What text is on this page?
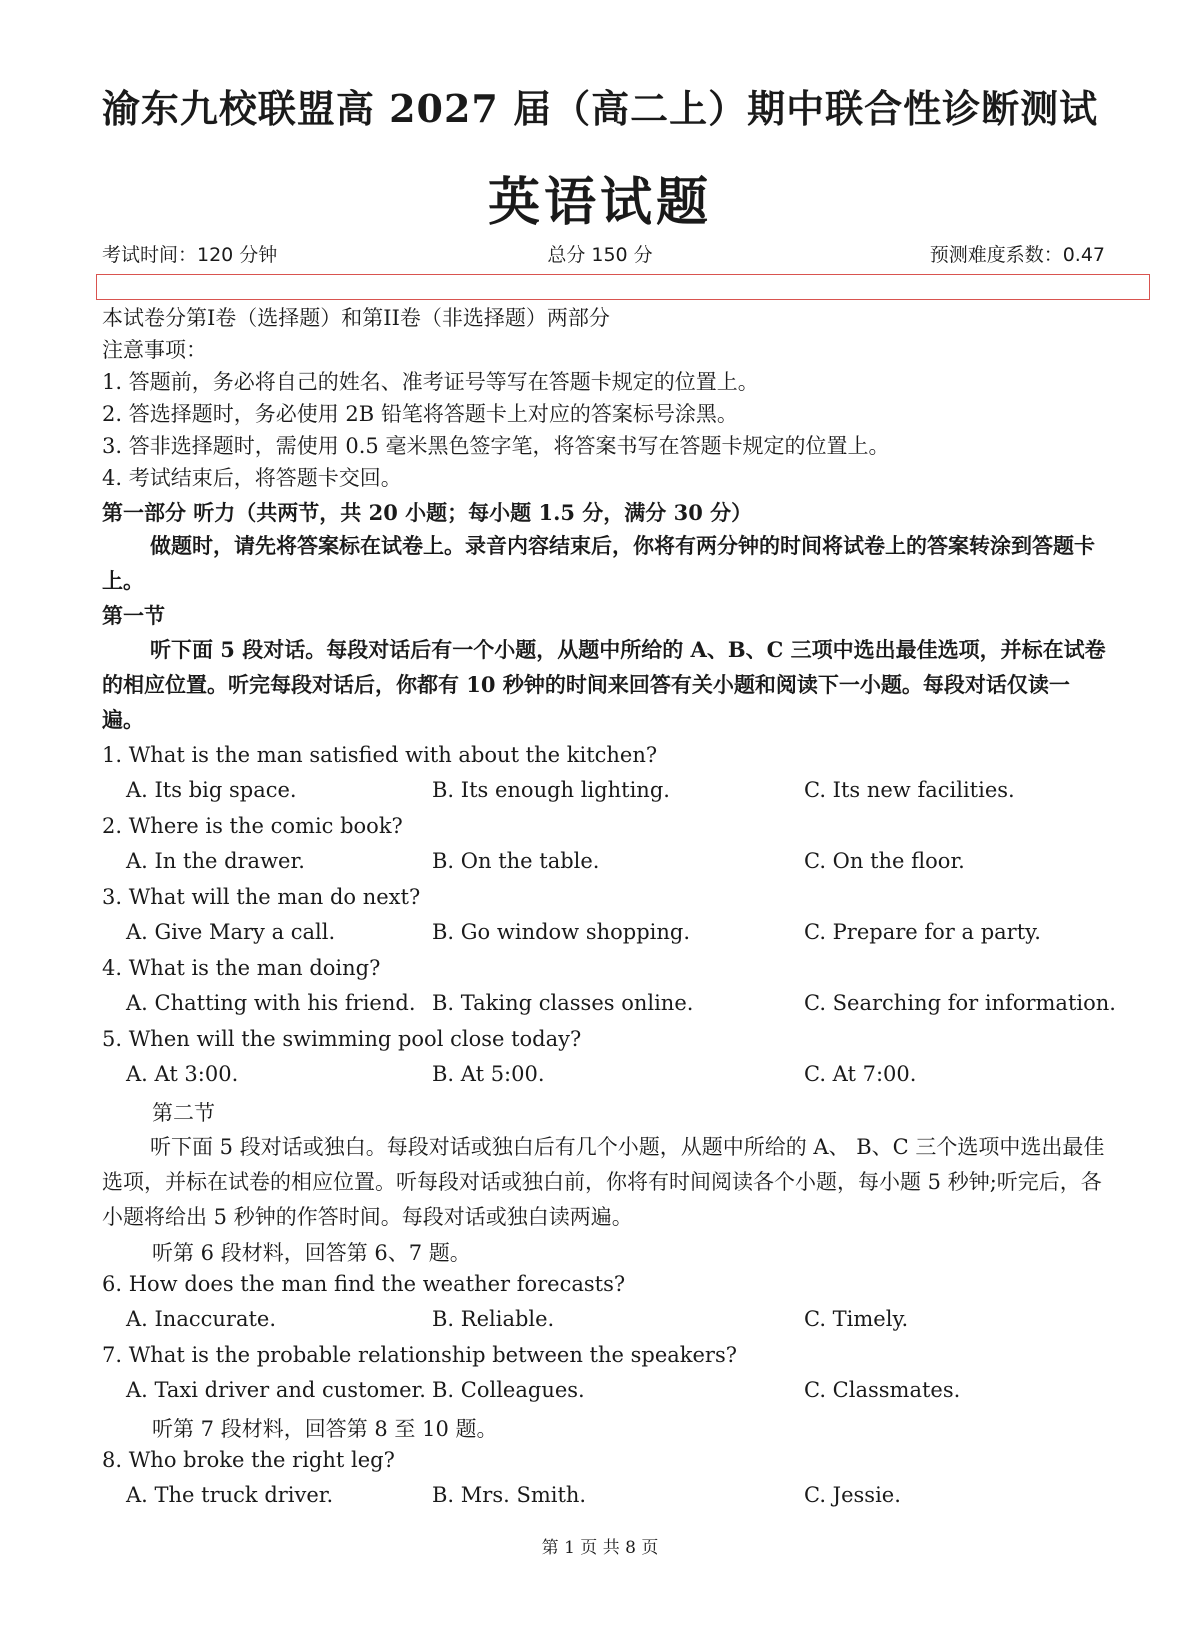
渝东九校联盟高 2027 届（高二上）期中联合性诊断测试
英语试题
考试时间：120 分钟	总分 150 分	预测难度系数：0.47
本试卷分第I卷（选择题）和第II卷（非选择题）两部分
注意事项：
1. 答题前，务必将自己的姓名、准考证号等写在答题卡规定的位置上。
2. 答选择题时，务必使用 2B 铅笔将答题卡上对应的答案标号涂黑。
3. 答非选择题时，需使用 0.5 毫米黑色签字笔，将答案书写在答题卡规定的位置上。
4. 考试结束后，将答题卡交回。
第一部分 听力（共两节，共 20 小题；每小题 1.5 分，满分 30 分）
做题时，请先将答案标在试卷上。录音内容结束后，你将有两分钟的时间将试卷上的答案转涂到答题卡上。
第一节
听下面 5 段对话。每段对话后有一个小题，从题中所给的 A、B、C 三项中选出最佳选项，并标在试卷的相应位置。听完每段对话后，你都有 10 秒钟的时间来回答有关小题和阅读下一小题。每段对话仅读一遍。
1. What is the man satisfied with about the kitchen?
A. Its big space.	B. Its enough lighting.	C. Its new facilities.
2. Where is the comic book?
A. In the drawer.	B. On the table.	C. On the floor.
3. What will the man do next?
A. Give Mary a call.	B. Go window shopping.	C. Prepare for a party.
4. What is the man doing?
A. Chatting with his friend. B. Taking classes online.	C. Searching for information.
5. When will the swimming pool close today?
A. At 3:00.	B. At 5:00.	C. At 7:00.
第二节
听下面 5 段对话或独白。每段对话或独白后有几个小题，从题中所给的 A、 B、C 三个选项中选出最佳选项，并标在试卷的相应位置。听每段对话或独白前，你将有时间阅读各个小题，每小题 5 秒钟;听完后，各小题将给出 5 秒钟的作答时间。每段对话或独白读两遍。
听第 6 段材料，回答第 6、7 题。
6. How does the man find the weather forecasts?
A. Inaccurate.	B. Reliable.	C. Timely.
7. What is the probable relationship between the speakers?
A. Taxi driver and customer. B. Colleagues.	C. Classmates.
听第 7 段材料，回答第 8 至 10 题。
8. Who broke the right leg?
A. The truck driver.	B. Mrs. Smith.	C. Jessie.
第 1 页 共 8 页
